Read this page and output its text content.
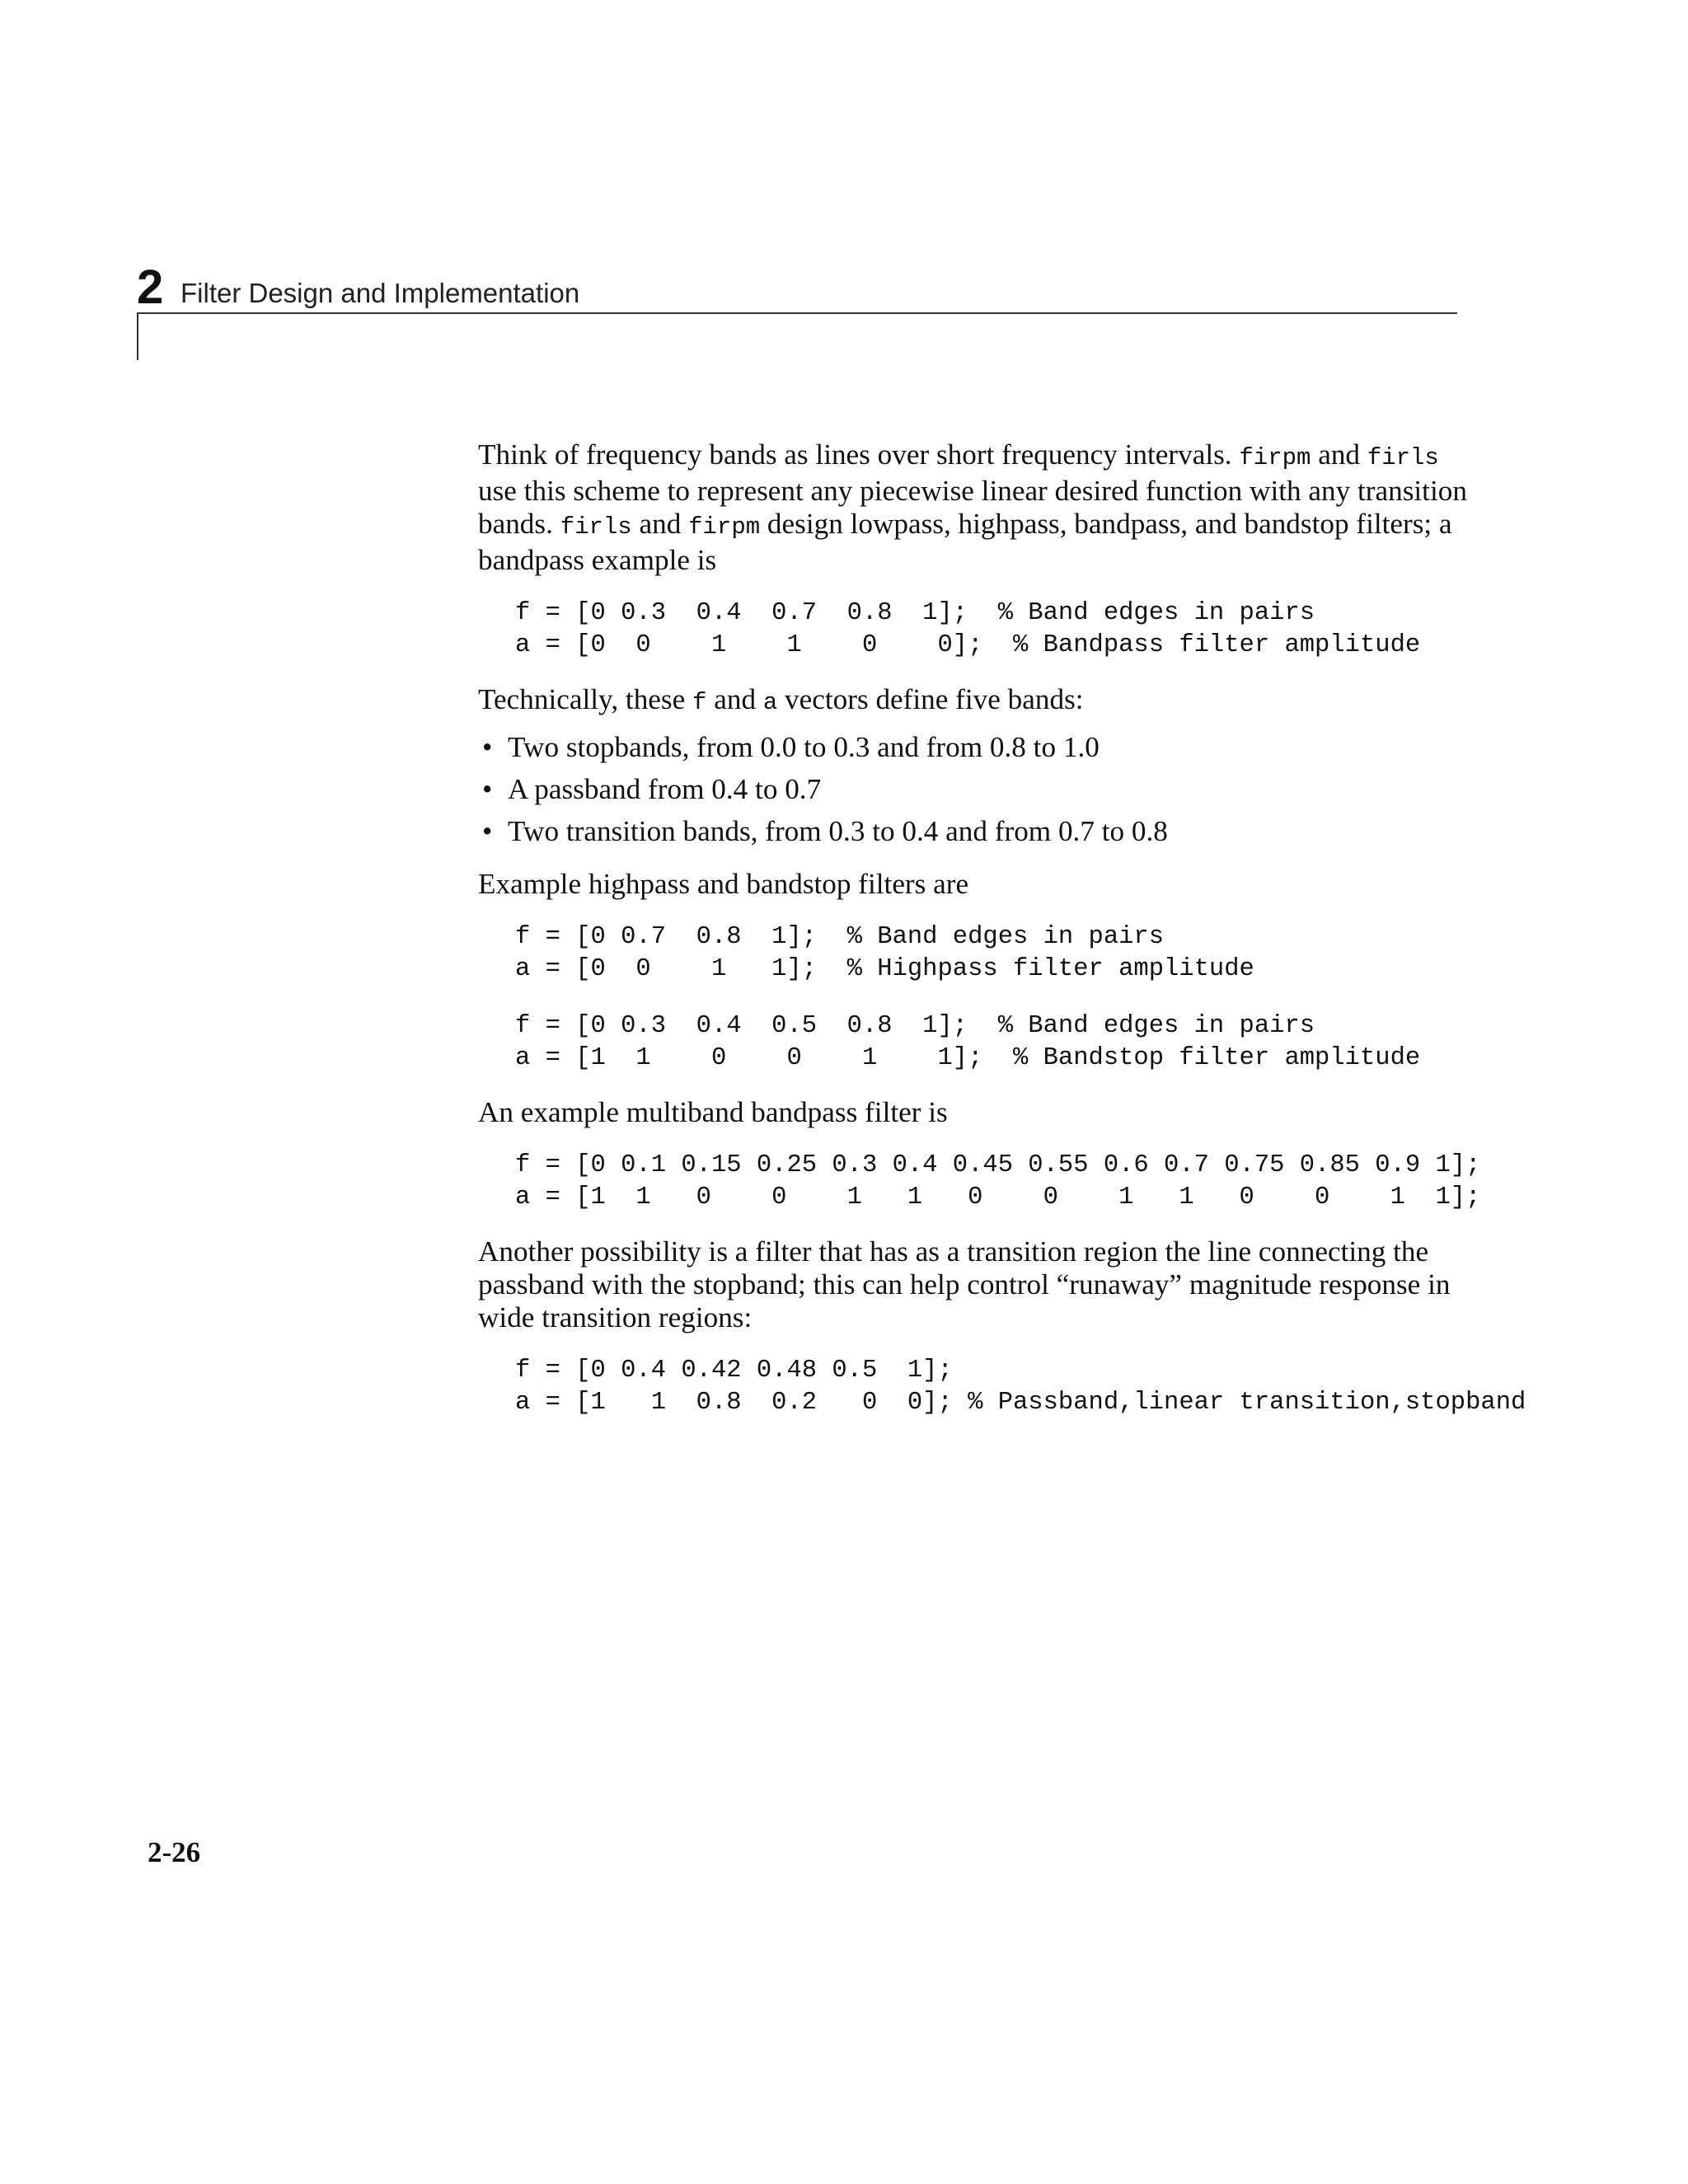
2 Filter Design and Implementation

Think of frequency bands as lines over short frequency intervals. firpm and firls use this scheme to represent any piecewise linear desired function with any transition bands. firls and firpm design lowpass, highpass, bandpass, and bandstop filters; a bandpass example is

f = [0 0.3  0.4  0.7  0.8  1];  % Band edges in pairs
a = [0  0    1    1    0    0];  % Bandpass filter amplitude

Technically, these f and a vectors define five bands:

• Two stopbands, from 0.0 to 0.3 and from 0.8 to 1.0
• A passband from 0.4 to 0.7
• Two transition bands, from 0.3 to 0.4 and from 0.7 to 0.8

Example highpass and bandstop filters are

f = [0 0.7  0.8  1];  % Band edges in pairs
a = [0  0    1   1];  % Highpass filter amplitude
f = [0 0.3  0.4  0.5  0.8  1];  % Band edges in pairs
a = [1  1    0    0    1    1];  % Bandstop filter amplitude

An example multiband bandpass filter is

f = [0 0.1 0.15 0.25 0.3 0.4 0.45 0.55 0.6 0.7 0.75 0.85 0.9 1];
a = [1  1   0    0    1   1   0    0    1   1   0    0    1  1];

Another possibility is a filter that has as a transition region the line connecting the passband with the stopband; this can help control “runaway” magnitude response in wide transition regions:

f = [0 0.4 0.42 0.48 0.5  1];
a = [1   1  0.8  0.2   0  0]; % Passband,linear transition,stopband
2-26
